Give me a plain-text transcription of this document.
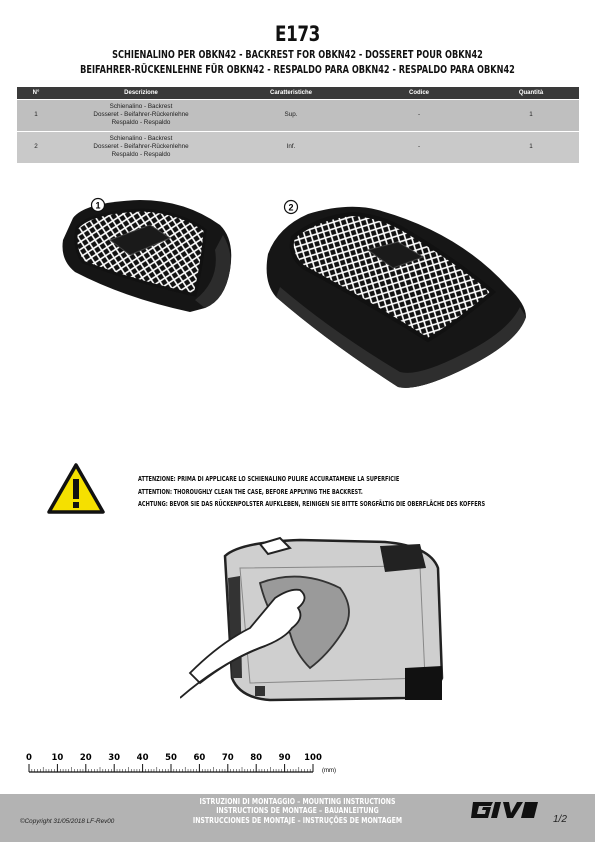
E173
SCHIENALINO PER OBKN42 - BACKREST FOR OBKN42 - DOSSERET POUR OBKN42
BEIFAHRER-RÜCKENLEHNE FÜR OBKN42 - RESPALDO PARA OBKN42 - RESPALDO PARA OBKN42
N°	Descrizione	Caratteristiche	Codice	Quantità
1	Schienalino - Backrest
Dosseret - Beifahrer-Rückenlehne
Respaldo - Respaldo	Sup.	-	1
2	Schienalino - Backrest
Dosseret - Beifahrer-Rückenlehne
Respaldo - Respaldo	Inf.	-	1
1	2
ATTENZIONE: PRIMA DI APPLICARE LO SCHIENALINO PULIRE ACCURATAMENE LA SUPERFICIE
ATTENTION: THOROUGHLY CLEAN THE CASE, BEFORE APPLYING THE BACKREST.
ACHTUNG: BEVOR SIE DAS RÜCKENPOLSTER AUFKLEBEN, REINIGEN SIE BITTE SORGFÄLTIG DIE OBERFLÄCHE DES KOFFERS
0 10 20 30 40 50 60 70 80 90 100
(mm)
©Copyright 31/05/2018 LF-Rev00
ISTRUZIONI DI MONTAGGIO – MOUNTING INSTRUCTIONS
INSTRUCTIONS DE MONTAGE – BAUANLEITUNG
INSTRUCCIONES DE MONTAJE – INSTRUÇÕES DE MONTAGEM	1/2
